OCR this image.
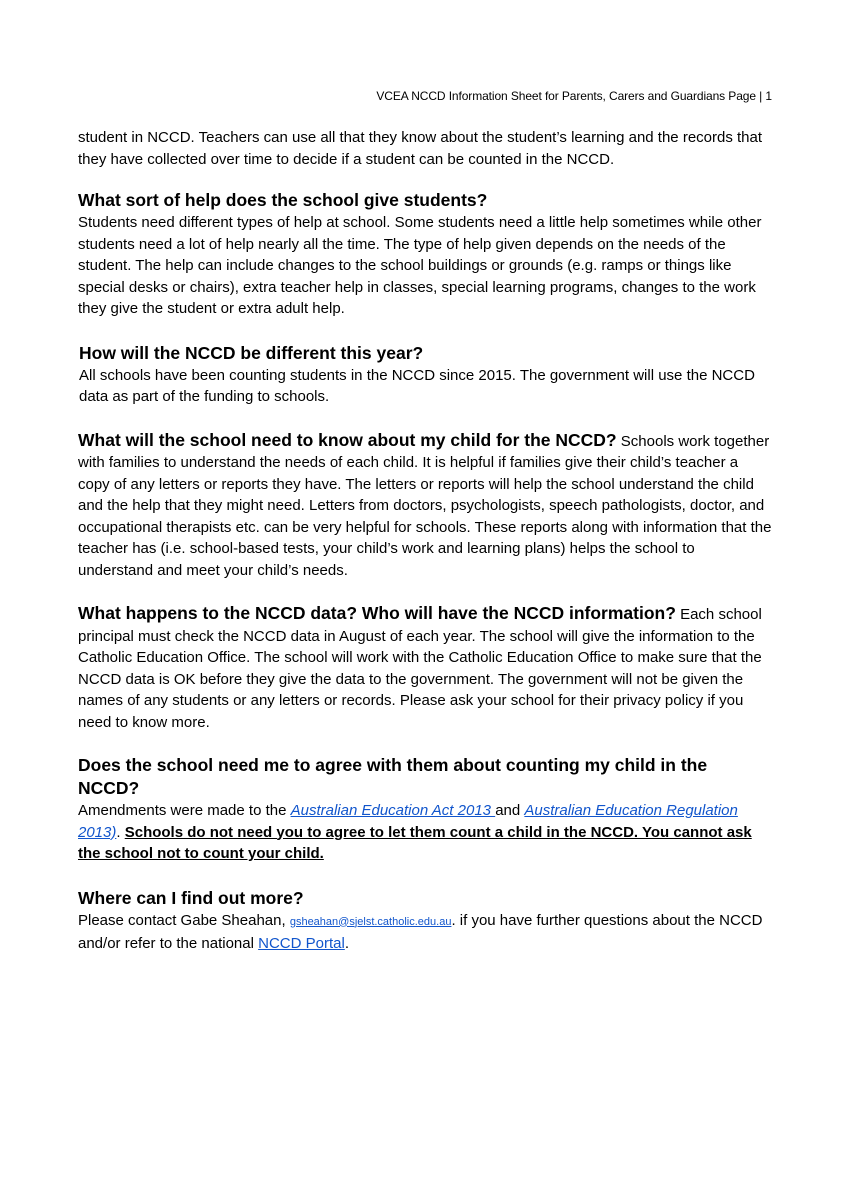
VCEA NCCD Information Sheet for Parents, Carers and Guardians Page | 1

student in NCCD. Teachers can use all that they know about the student’s learning and the records that they have collected over time to decide if a student can be counted in the NCCD.

What sort of help does the school give students?

Students need different types of help at school. Some students need a little help sometimes while other students need a lot of help nearly all the time. The type of help given depends on the needs of the student. The help can include changes to the school buildings or grounds (e.g. ramps or things like special desks or chairs), extra teacher help in classes, special learning programs, changes to the work they give the student or extra adult help.

How will the NCCD be different this year?

All schools have been counting students in the NCCD since 2015. The government will use the NCCD data as part of the funding to schools.

What will the school need to know about my child for the NCCD? Schools work together with families to understand the needs of each child. It is helpful if families give their child’s teacher a copy of any letters or reports they have. The letters or reports will help the school understand the child and the help that they might need. Letters from doctors, psychologists, speech pathologists, doctor, and occupational therapists etc. can be very helpful for schools. These reports along with information that the teacher has (i.e. school-based tests, your child’s work and learning plans) helps the school to understand and meet your child’s needs.

What happens to the NCCD data? Who will have the NCCD information? Each school principal must check the NCCD data in August of each year. The school will give the information to the Catholic Education Office. The school will work with the Catholic Education Office to make sure that the NCCD data is OK before they give the data to the government. The government will not be given the names of any students or any letters or records. Please ask your school for their privacy policy if you need to know more.

Does the school need me to agree with them about counting my child in the NCCD?

Amendments were made to the Australian Education Act 2013 and Australian Education Regulation 2013). Schools do not need you to agree to let them count a child in the NCCD. You cannot ask the school not to count your child.

Where can I find out more?

Please contact Gabe Sheahan, gsheahan@sjelst.catholic.edu.au. if you have further questions about the NCCD and/or refer to the national NCCD Portal.
